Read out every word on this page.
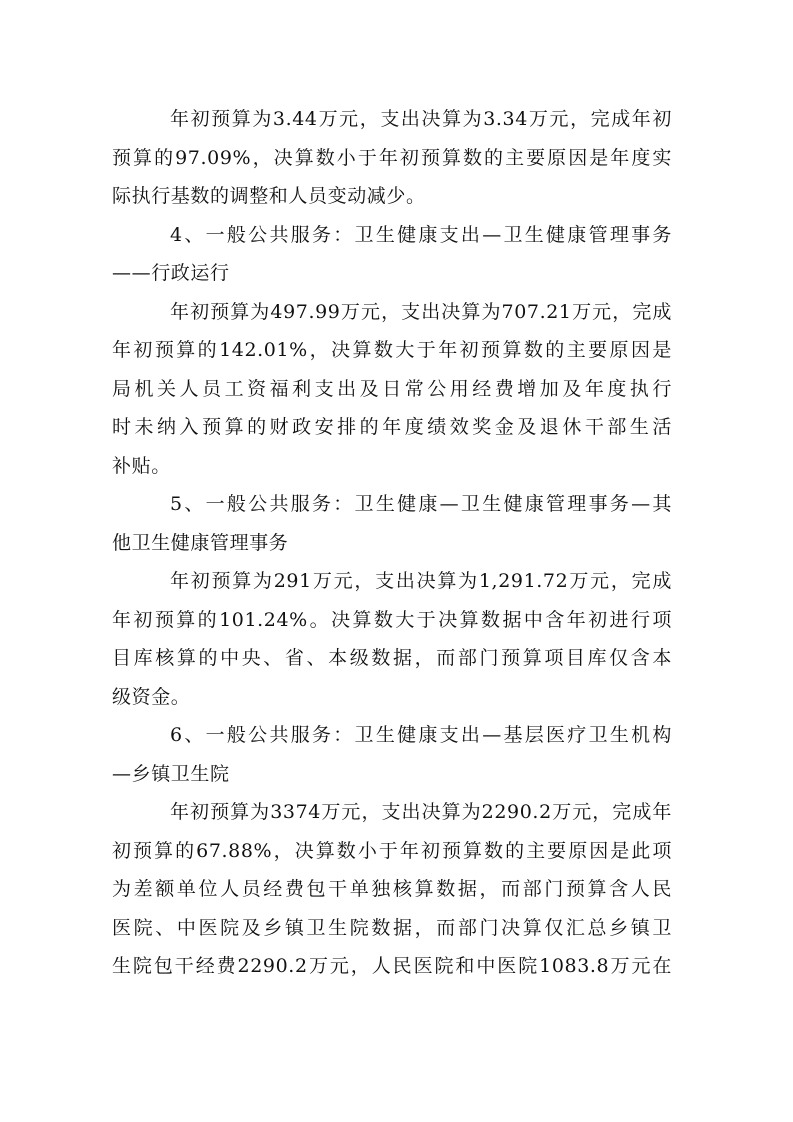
年初预算为3.44万元，支出决算为3.34万元，完成年初
预算的97.09%，决算数小于年初预算数的主要原因是年度实
际执行基数的调整和人员变动减少。
4、一般公共服务：卫生健康支出—卫生健康管理事务
——行政运行
年初预算为497.99万元，支出决算为707.21万元，完成
年初预算的142.01%，决算数大于年初预算数的主要原因是
局机关人员工资福利支出及日常公用经费增加及年度执行
时未纳入预算的财政安排的年度绩效奖金及退休干部生活
补贴。
5、一般公共服务：卫生健康—卫生健康管理事务—其
他卫生健康管理事务
年初预算为291万元，支出决算为1,291.72万元，完成
年初预算的101.24%。决算数大于决算数据中含年初进行项
目库核算的中央、省、本级数据，而部门预算项目库仅含本
级资金。
6、一般公共服务：卫生健康支出—基层医疗卫生机构
—乡镇卫生院
年初预算为3374万元，支出决算为2290.2万元，完成年
初预算的67.88%，决算数小于年初预算数的主要原因是此项
为差额单位人员经费包干单独核算数据，而部门预算含人民
医院、中医院及乡镇卫生院数据，而部门决算仅汇总乡镇卫
生院包干经费2290.2万元，人民医院和中医院1083.8万元在
